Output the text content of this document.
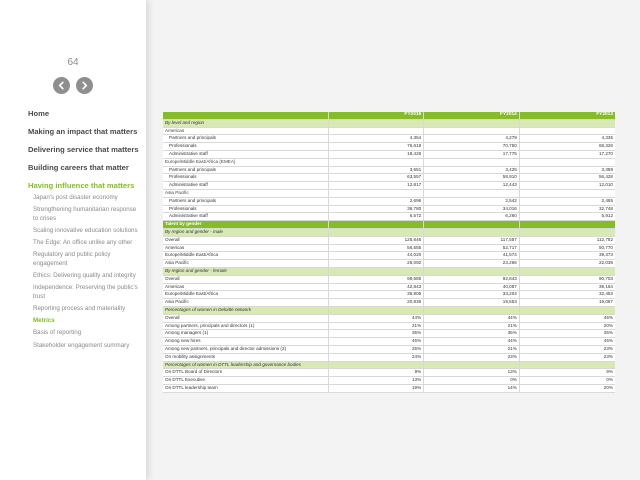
64
Home
Making an impact that matters
Delivering service that matters
Building careers that matter
Having influence that matters
Japan's post disaster economy
Strengthening humanitarian response to crises
Scaling innovative education solutions
The Edge: An office unlike any other
Regulatory and public policy engagement
Ethics: Delivering quality and integrity
Independence: Preserving the public's trust
Reporting process and materiality
Metrics
Basis of reporting
Stakeholder engagement summary
	FY2015	FY2014	FY2013
By level and region			
Americas			
Partners and principals	4,354	4,279	4,335
Professionals	76,618	70,750	68,328
Administrative staff	18,426	17,775	17,270
Europe/Middle East/Africa (EMEA)			
Partners and principals	3,551	3,425	3,389
Professionals	63,557	58,910	56,428
Administrative staff	12,817	12,443	12,010
Asia Pacific			
Partners and principals	2,696	2,542	2,465
Professionals	36,780	34,016	32,748
Administrative staff	6,572	6,260	5,912
Talent by gender			
By region and gender - male			
Overall	125,646	117,557	112,782
Americas	56,555	52,717	50,770
Europe/Middle East/Africa	44,020	41,574	39,373
Asia Pacific	25,092	23,266	22,039
By region and gender - female			
Overall	99,685	92,843	90,703
Americas	42,843	40,087	39,164
Europe/Middle East/Africa	35,905	33,204	32,453
Asia Pacific	20,936	19,553	19,087
Percentages of women in Deloitte network			
Overall	44%	44%	45%
Among partners, principals and directors (1)	21%	21%	20%
Among managers (1)	35%	35%	35%
Among new hires	45%	44%	45%
Among new partners, principals and director admissions (2)	25%	21%	23%
On mobility assignments	24%	23%	23%
Percentages of women in DTTL leadership and governance bodies			
On DTTL Board of Directors	9%	13%	9%
On DTTL Executive	13%	0%	0%
On DTTL leadership team	19%	14%	20%
